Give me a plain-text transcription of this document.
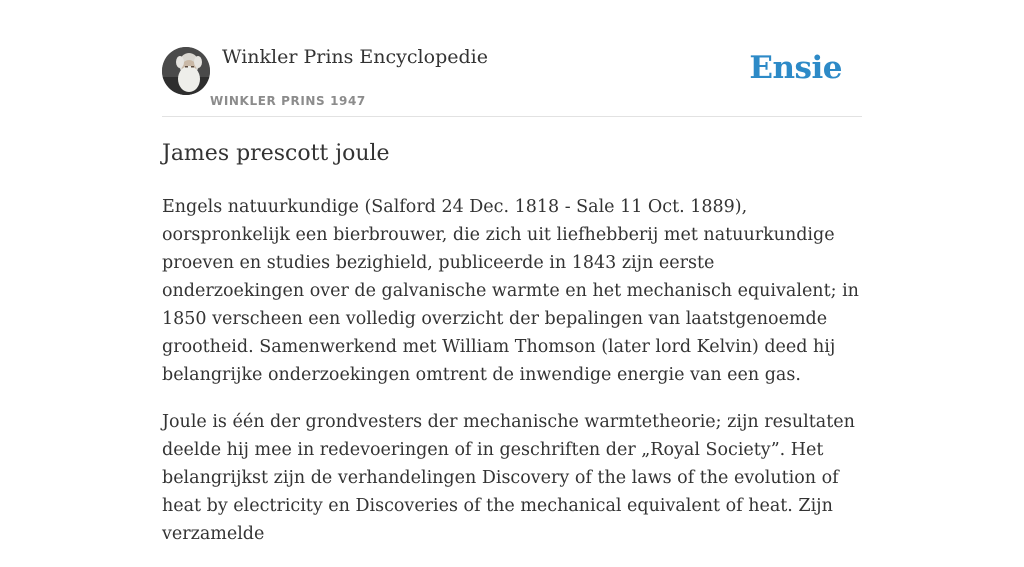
Winkler Prins Encyclopedie
WINKLER PRINS 1947
Ensie
James prescott joule

Engels natuurkundige (Salford 24 Dec. 1818 - Sale 11 Oct. 1889), oorspronkelijk een bierbrouwer, die zich uit liefhebberij met natuurkundige proeven en studies bezighield, publiceerde in 1843 zijn eerste onderzoekingen over de galvanische warmte en het mechanisch equivalent; in 1850 verscheen een volledig overzicht der bepalingen van laatstgenoemde grootheid. Samenwerkend met William Thomson (later lord Kelvin) deed hij belangrijke onderzoekingen omtrent de inwendige energie van een gas.

Joule is één der grondvesters der mechanische warmtetheorie; zijn resultaten deelde hij mee in redevoeringen of in geschriften der „Royal Society”. Het belangrijkst zijn de verhandelingen Discovery of the laws of the evolution of heat by electricity en Discoveries of the mechanical equivalent of heat. Zijn verzamelde
